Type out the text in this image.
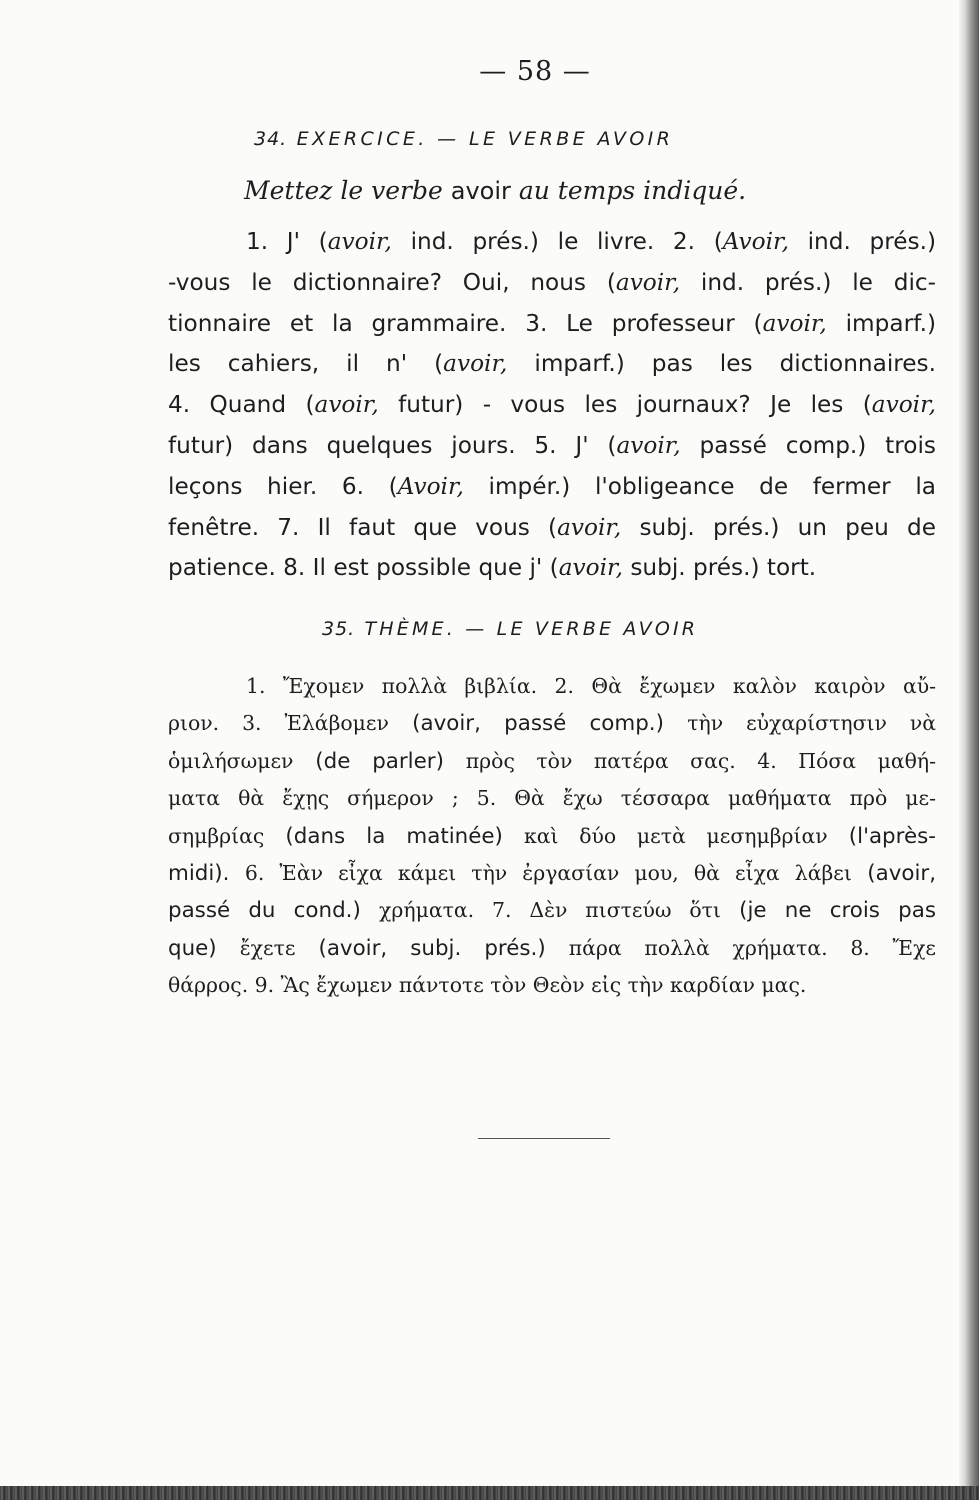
— 58 —
34. EXERCICE. — LE VERBE AVOIR
Mettez le verbe avoir au temps indiqué.
1. J' (avoir, ind. prés.) le livre. 2. (Avoir, ind. prés.)
-vous le dictionnaire? Oui, nous (avoir, ind. prés.) le dic-
tionnaire et la grammaire. 3. Le professeur (avoir, imparf.)
les cahiers, il n' (avoir, imparf.) pas les dictionnaires.
4. Quand (avoir, futur) - vous les journaux? Je les (avoir,
futur) dans quelques jours. 5. J' (avoir, passé comp.) trois
leçons hier. 6. (Avoir, impér.) l'obligeance de fermer la
fenêtre. 7. Il faut que vous (avoir, subj. prés.) un peu de
patience. 8. Il est possible que j' (avoir, subj. prés.) tort.
35. THÈME. — LE VERBE AVOIR
1. Ἔχομεν πολλὰ βιβλία. 2. Θὰ ἔχωμεν καλὸν καιρὸν αὔ-
ριον. 3. Ἐλάβομεν (avoir, passé comp.) τὴν εὐχαρίστησιν νὰ
ὁμιλήσωμεν (de parler) πρὸς τὸν πατέρα σας. 4. Πόσα μαθή-
ματα θὰ ἔχῃς σήμερον ; 5. Θὰ ἔχω τέσσαρα μαθήματα πρὸ με-
σημβρίας (dans la matinée) καὶ δύο μετὰ μεσημβρίαν (l'après-
midi). 6. Ἐὰν εἶχα κάμει τὴν ἐργασίαν μου, θὰ εἶχα λάβει (avoir,
passé du cond.) χρήματα. 7. Δὲν πιστεύω ὅτι (je ne crois pas
que) ἔχετε (avoir, subj. prés.) πάρα πολλὰ χρήματα. 8. Ἔχε
θάρρος. 9. Ἂς ἔχωμεν πάντοτε τὸν Θεὸν εἰς τὴν καρδίαν μας.
